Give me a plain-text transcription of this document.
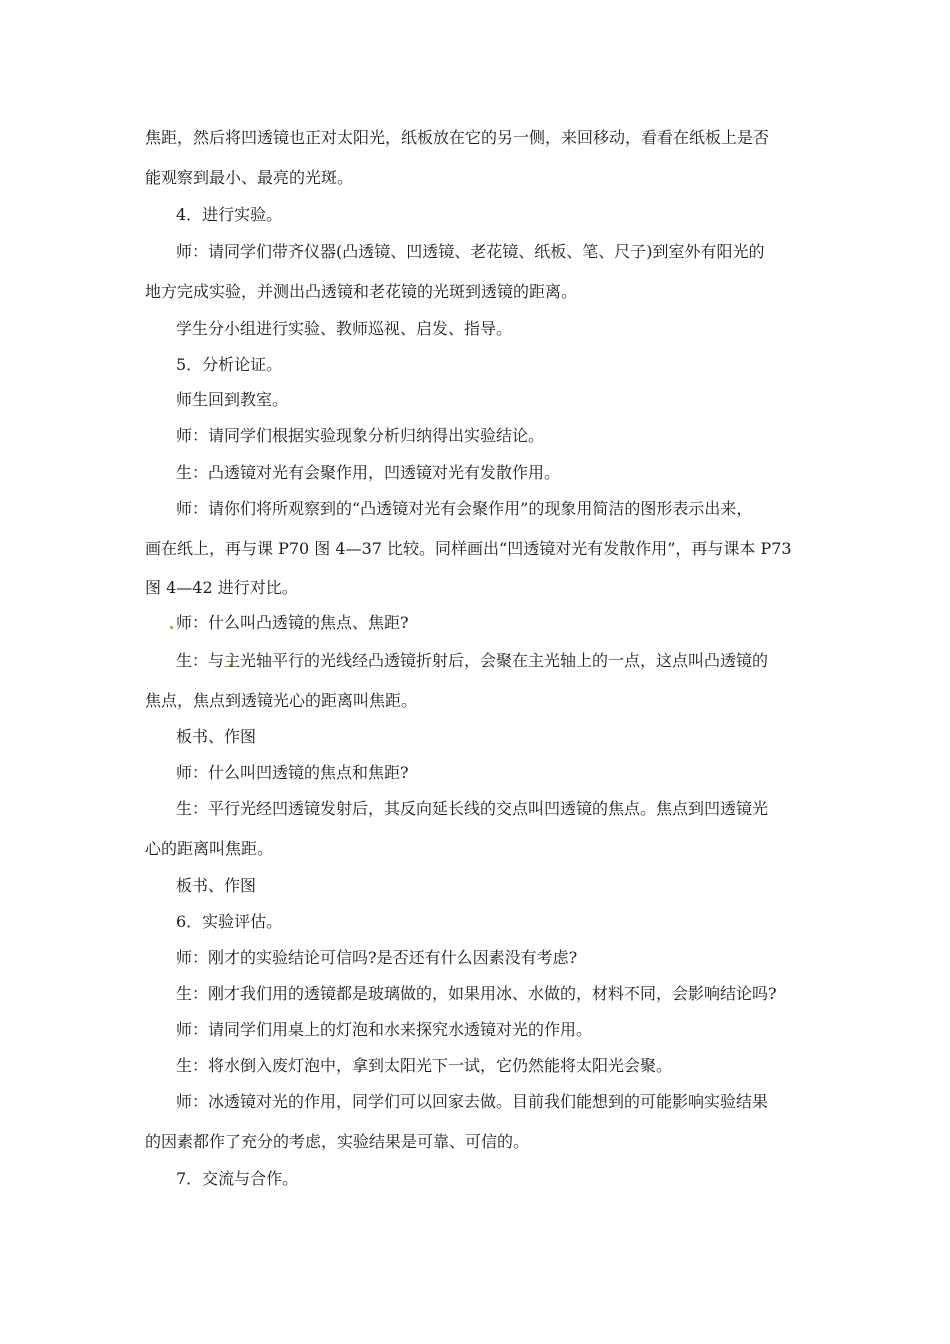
焦距，然后将凹透镜也正对太阳光，纸板放在它的另一侧，来回移动，看看在纸板上是否
能观察到最小、最亮的光斑。
4．进行实验。
师：请同学们带齐仪器(凸透镜、凹透镜、老花镜、纸板、笔、尺子)到室外有阳光的
地方完成实验，并测出凸透镜和老花镜的光斑到透镜的距离。
学生分小组进行实验、教师巡视、启发、指导。
5．分析论证。
师生回到教室。
师：请同学们根据实验现象分析归纳得出实验结论。
生：凸透镜对光有会聚作用，凹透镜对光有发散作用。
师：请你们将所观察到的“凸透镜对光有会聚作用”的现象用简洁的图形表示出来，
画在纸上，再与课 P70 图 4—37 比较。同样画出“凹透镜对光有发散作用”，再与课本 P73
图 4—42 进行对比。
师：什么叫凸透镜的焦点、焦距?
生：与主光轴平行的光线经凸透镜折射后，会聚在主光轴上的一点，这点叫凸透镜的
焦点，焦点到透镜光心的距离叫焦距。
板书、作图
师：什么叫凹透镜的焦点和焦距?
生：平行光经凹透镜发射后，其反向延长线的交点叫凹透镜的焦点。焦点到凹透镜光
心的距离叫焦距。
板书、作图
6．实验评估。
师：刚才的实验结论可信吗?是否还有什么因素没有考虑?
生：刚才我们用的透镜都是玻璃做的，如果用冰、水做的，材料不同，会影响结论吗?
师：请同学们用桌上的灯泡和水来探究水透镜对光的作用。
生：将水倒入废灯泡中，拿到太阳光下一试，它仍然能将太阳光会聚。
师：冰透镜对光的作用，同学们可以回家去做。目前我们能想到的可能影响实验结果
的因素都作了充分的考虑，实验结果是可靠、可信的。
7．交流与合作。
